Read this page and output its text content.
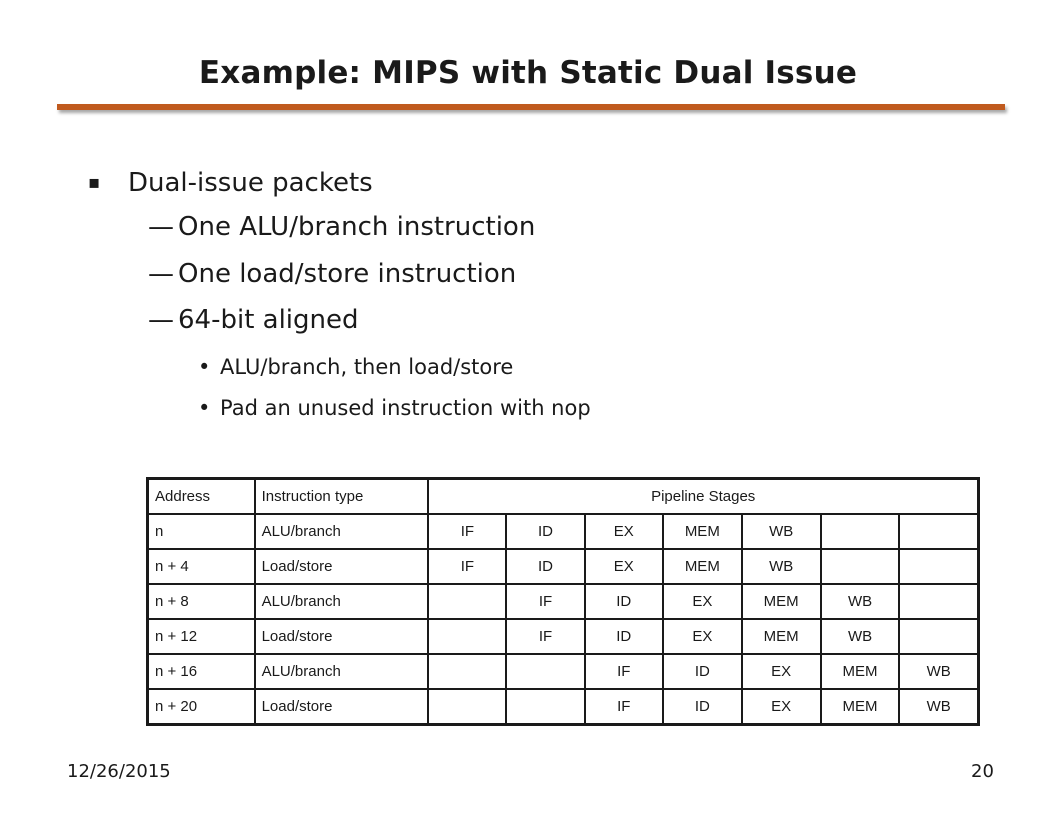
Example: MIPS with Static Dual Issue
▪ Dual-issue packets
— One ALU/branch instruction
— One load/store instruction
— 64-bit aligned
• ALU/branch, then load/store
• Pad an unused instruction with nop
Address	Instruction type	Pipeline Stages						
n	ALU/branch	IF	ID	EX	MEM	WB		
n + 4	Load/store	IF	ID	EX	MEM	WB		
n + 8	ALU/branch		IF	ID	EX	MEM	WB	
n + 12	Load/store		IF	ID	EX	MEM	WB	
n + 16	ALU/branch			IF	ID	EX	MEM	WB
n + 20	Load/store			IF	ID	EX	MEM	WB
12/26/2015	20
